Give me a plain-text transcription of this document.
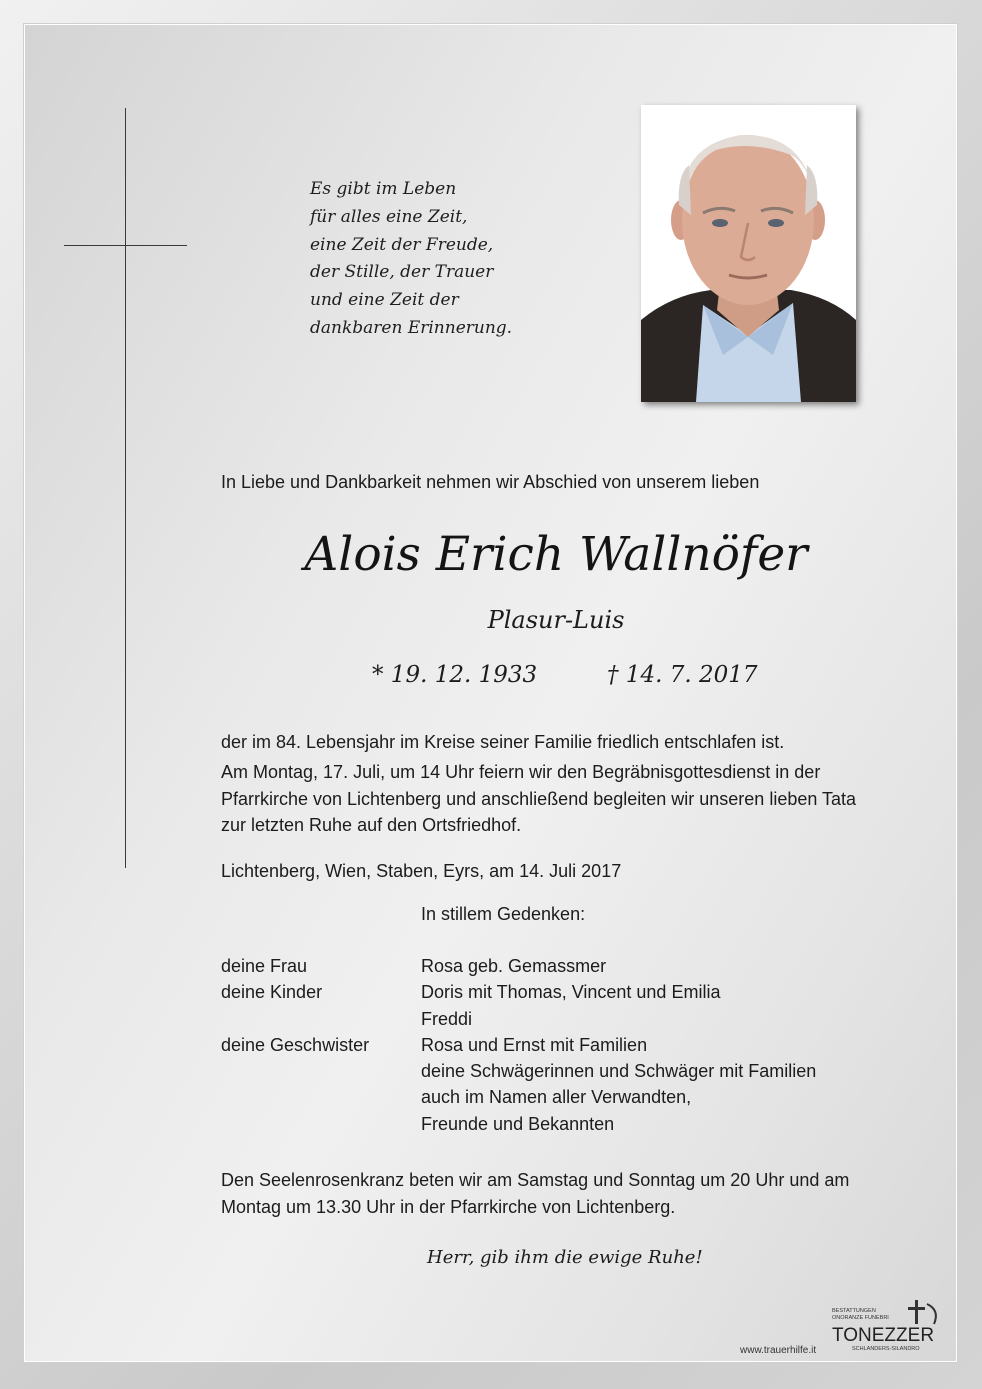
Es gibt im Leben
für alles eine Zeit,
eine Zeit der Freude,
der Stille, der Trauer
und eine Zeit der
dankbaren Erinnerung.
In Liebe und Dankbarkeit nehmen wir Abschied von unserem lieben
Alois Erich Wallnöfer
Plasur-Luis
* 19. 12. 1933	† 14. 7. 2017
der im 84. Lebensjahr im Kreise seiner Familie friedlich entschlafen ist.
Am Montag, 17. Juli, um 14 Uhr feiern wir den Begräbnisgottesdienst in der
Pfarrkirche von Lichtenberg und anschließend begleiten wir unseren lieben Tata
zur letzten Ruhe auf den Ortsfriedhof.
Lichtenberg, Wien, Staben, Eyrs, am 14. Juli 2017
In stillem Gedenken:
deine Frau	Rosa geb. Gemassmer
deine Kinder	Doris mit Thomas, Vincent und Emilia
Freddi
deine Geschwister	Rosa und Ernst mit Familien
deine Schwägerinnen und Schwäger mit Familien
auch im Namen aller Verwandten,
Freunde und Bekannten
Den Seelenrosenkranz beten wir am Samstag und Sonntag um 20 Uhr und am
Montag um 13.30 Uhr in der Pfarrkirche von Lichtenberg.
Herr, gib ihm die ewige Ruhe!
www.trauerhilfe.it
BESTATTUNGEN
ONORANZE FUNEBRI
TONEZZER
SCHLANDERS-SILANDRO
